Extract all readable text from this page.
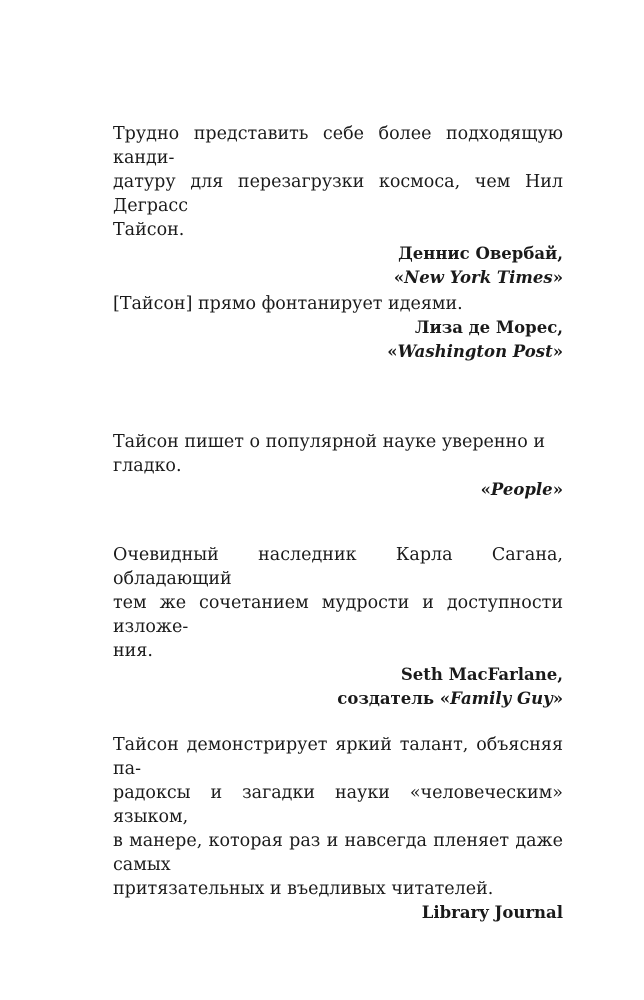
Трудно представить себе более подходящую канди-
датуру для перезагрузки космоса, чем Нил Деграсс
Тайсон.

Деннис Овербай,

«New York Times»

[Тайсон] прямо фонтанирует идеями.

Лиза де Морес,

«Washington Post»

Тайсон пишет о популярной науке уверенно и гладко.

«People»

Очевидный наследник Карла Сагана, обладающий
тем же сочетанием мудрости и доступности изложе-
ния.

Seth MacFarlane,

создатель «Family Guy»

Тайсон демонстрирует яркий талант, объясняя па-
радоксы и загадки науки «человеческим» языком,
в манере, которая раз и навсегда пленяет даже самых
притязательных и въедливых читателей.

Library Journal
